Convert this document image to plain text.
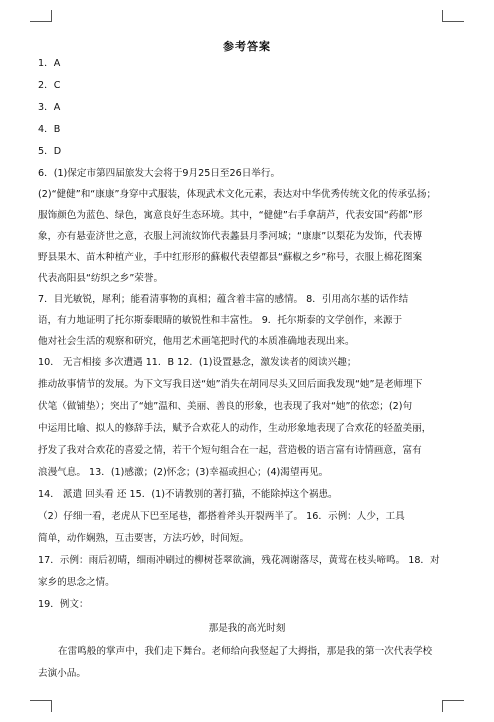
参考答案
1．A
2．C
3．A
4．B
5．D
6．(1)保定市第四届旅发大会将于9月25日至26日举行。
(2)“健健”和“康康”身穿中式服装，体现武术文化元素，表达对中华优秀传统文化的传承弘扬；
服饰颜色为蓝色、绿色，寓意良好生态环境。其中，“健健”右手拿葫芦，代表安国“药都”形
象，亦有悬壶济世之意，衣服上河流纹饰代表蠡县月季河城；“康康”以梨花为发饰，代表博
野县果木、苗木种植产业，手中红形形的蘇椒代表望都县“蘇椒之乡”称号，衣服上棉花图案
代表高阳县“纺织之乡”荣誉。
7．目光敏锐，犀利；能看清事物的真相；蕴含着丰富的感情。 8．引用高尔基的话作结
语，有力地证明了托尔斯泰眼睛的敏锐性和丰富性。 9．托尔斯泰的文学创作，来源于
他对社会生活的观察和研究，他用艺术画笔把时代的本质准确地表现出来。
10． 无言相接 多次遭遇 11．B 12．(1)设置悬念，激发读者的阅读兴趣；
推动故事情节的发展。为下文写我目送“她”消失在胡同尽头又回后面我发现“她”是老师埋下
伏笔（做铺垫）；突出了“她”温和、美丽、善良的形象，也表现了我对“她”的依恋；(2)句
中运用比喻、拟人的修辞手法，赋予合欢花人的动作，生动形象地表现了合欢花的轻盈美丽，
抒发了我对合欢花的喜爱之情，若干个短句组合在一起，营造极的语言富有诗情画意，富有
浪漫气息。 13．(1)感激；(2)怀念；(3)幸福或担心；(4)渴望再见。
14． 派遣 回头看 还 15．(1)不请教别的著打猫，不能除掉这个祸患。
（2）仔细一看，老虎从下巴至尾巷，都搭着斧头开裂两半了。 16．示例：人少，工具
简单，动作娴熟，互击要害，方法巧妙，时间短。
17．示例：雨后初晴，细雨冲刷过的柳树苍翠欲滴，残花凋谢落尽，黄莺在枝头啼鸣。 18．对
家乡的思念之情。
19．例文：
那是我的高光时刻
在雷鸣般的掌声中，我们走下舞台。老师给向我竖起了大拇指，那是我的第一次代表学校
去演小品。
